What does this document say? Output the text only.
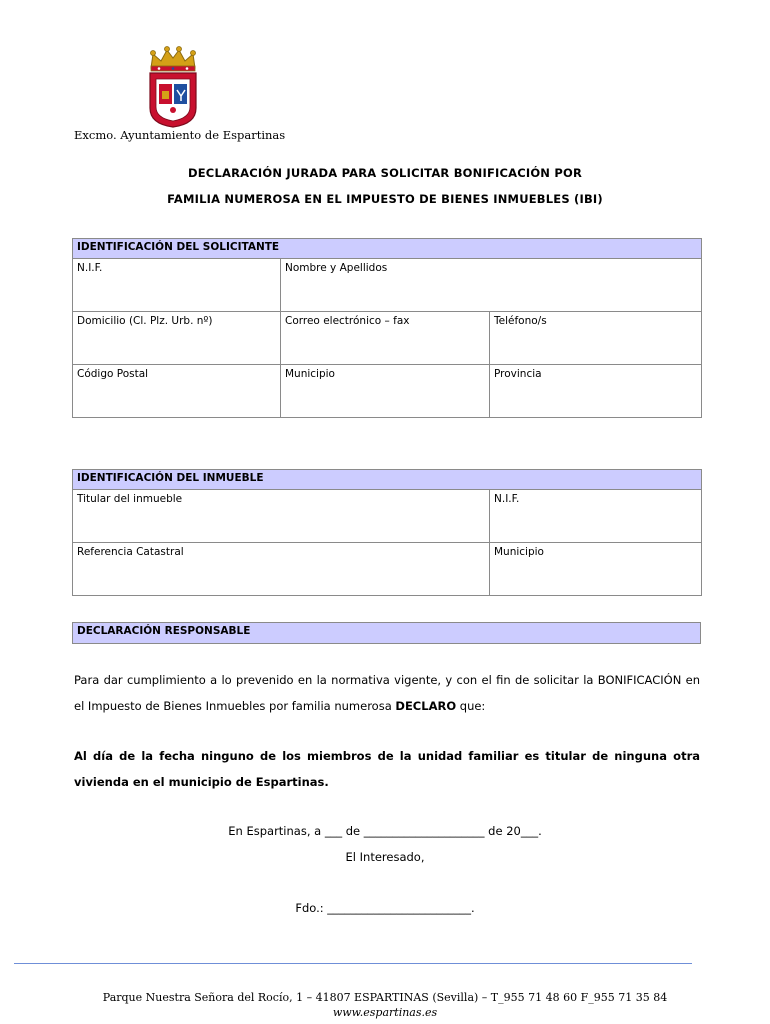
Excmo. Ayuntamiento de Espartinas
DECLARACIÓN JURADA PARA SOLICITAR BONIFICACIÓN POR
FAMILIA NUMEROSA EN EL IMPUESTO DE BIENES INMUEBLES (IBI)
IDENTIFICACIÓN DEL SOLICITANTE		
N.I.F.	Nombre y Apellidos	
Domicilio (Cl. Plz. Urb. nº)	Correo electrónico – fax	Teléfono/s
Código Postal	Municipio	Provincia
IDENTIFICACIÓN DEL INMUEBLE	
Titular del inmueble	N.I.F.
Referencia Catastral	Municipio
DECLARACIÓN RESPONSABLE
Para dar cumplimiento a lo prevenido en la normativa vigente, y con el fin de solicitar la BONIFICACIÓN en el Impuesto de Bienes Inmuebles por familia numerosa DECLARO que:
Al día de la fecha ninguno de los miembros de la unidad familiar es titular de ninguna otra vivienda en el municipio de Espartinas.
En Espartinas, a ___ de _____________________ de 20___.
El Interesado,
Fdo.: _________________________.
Parque Nuestra Señora del Rocío, 1 – 41807 ESPARTINAS (Sevilla) – T_955 71 48 60 F_955 71 35 84
www.espartinas.es
